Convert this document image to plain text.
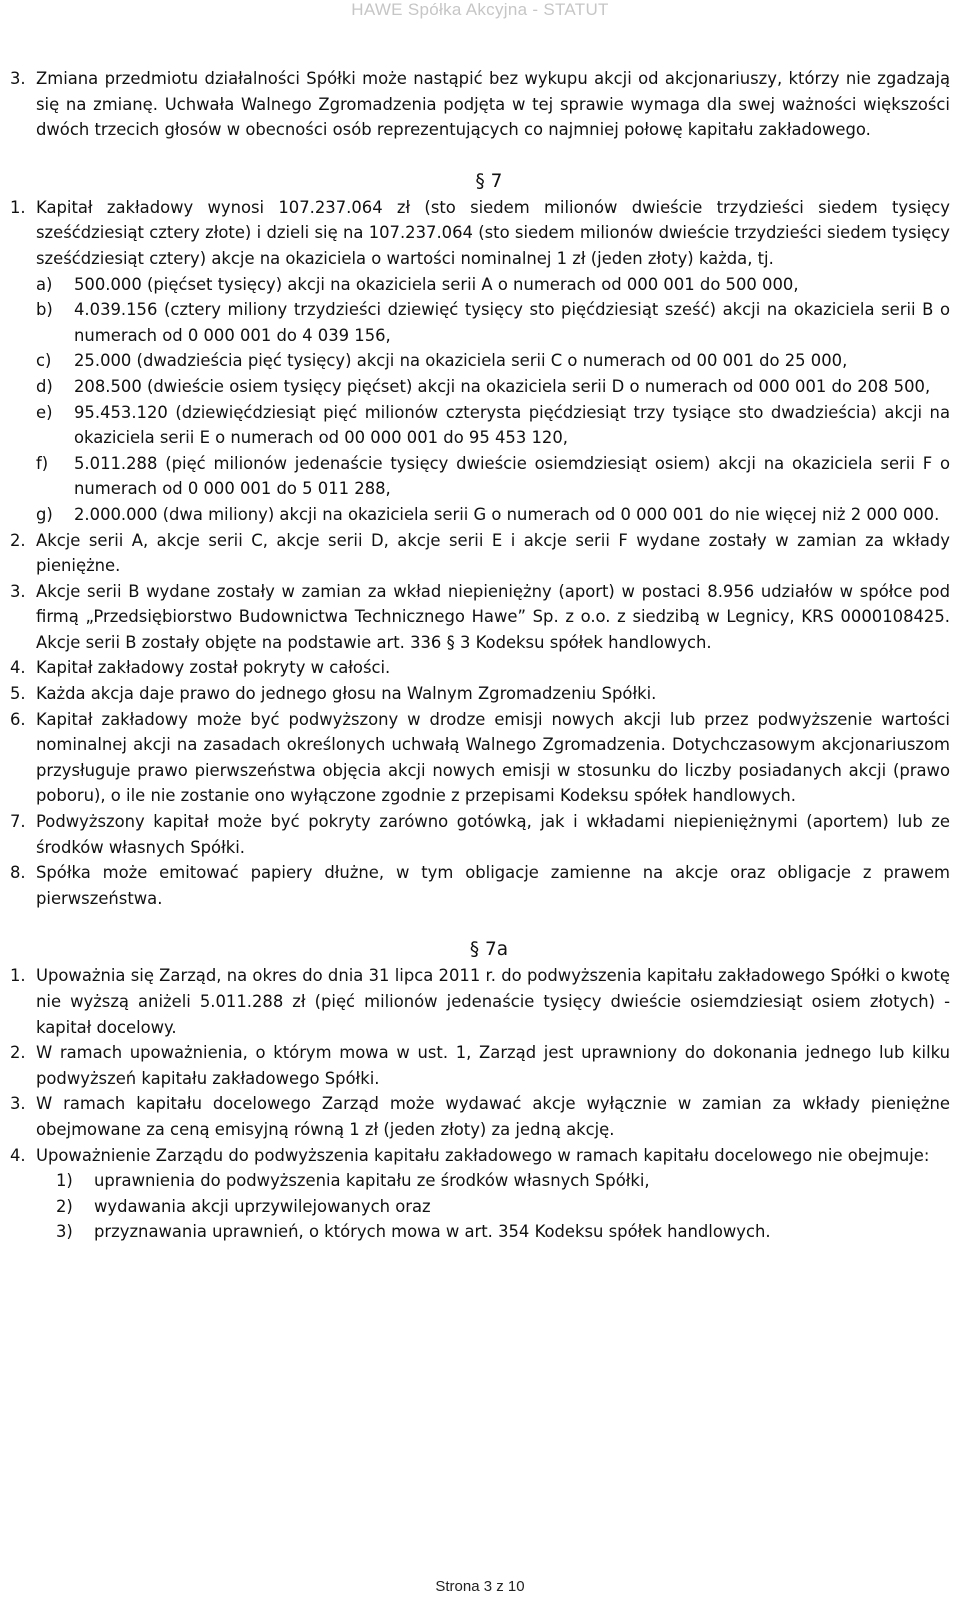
HAWE Spółka Akcyjna - STATUT
3. Zmiana przedmiotu działalności Spółki może nastąpić bez wykupu akcji od akcjonariuszy, którzy nie zgadzają się na zmianę. Uchwała Walnego Zgromadzenia podjęta w tej sprawie wymaga dla swej ważności większości dwóch trzecich głosów w obecności osób reprezentujących co najmniej połowę kapitału zakładowego.
§ 7
1. Kapitał zakładowy wynosi 107.237.064 zł (sto siedem milionów dwieście trzydzieści siedem tysięcy sześćdziesiąt cztery złote) i dzieli się na 107.237.064 (sto siedem milionów dwieście trzydzieści siedem tysięcy sześćdziesiąt cztery) akcje na okaziciela o wartości nominalnej 1 zł (jeden złoty) każda, tj.
a)	500.000 (pięćset tysięcy) akcji na okaziciela serii A o numerach od 000 001 do 500 000,
b)	4.039.156 (cztery miliony trzydzieści dziewięć tysięcy sto pięćdziesiąt sześć) akcji na okaziciela serii B o numerach od 0 000 001 do 4 039 156,
c)	25.000 (dwadzieścia pięć tysięcy) akcji na okaziciela serii C o numerach od 00 001 do 25 000,
d)	208.500 (dwieście osiem tysięcy pięćset) akcji na okaziciela serii D o numerach od 000 001 do 208 500,
e)	95.453.120 (dziewięćdziesiąt pięć milionów czterysta pięćdziesiąt trzy tysiące sto dwadzieścia) akcji na okaziciela serii E o numerach od 00 000 001 do 95 453 120,
f)	5.011.288 (pięć milionów jedenaście tysięcy dwieście osiemdziesiąt osiem) akcji na okaziciela serii F o numerach od 0 000 001 do 5 011 288,
g)	2.000.000 (dwa miliony) akcji na okaziciela serii G o numerach od 0 000 001 do nie więcej niż 2 000 000.
2. Akcje serii A, akcje serii C, akcje serii D, akcje serii E i akcje serii F wydane zostały w zamian za wkłady pieniężne.
3. Akcje serii B wydane zostały w zamian za wkład niepieniężny (aport) w postaci 8.956 udziałów w spółce pod firmą „Przedsiębiorstwo Budownictwa Technicznego Hawe” Sp. z o.o. z siedzibą w Legnicy, KRS 0000108425. Akcje serii B zostały objęte na podstawie art. 336 § 3 Kodeksu spółek handlowych.
4. Kapitał zakładowy został pokryty w całości.
5. Każda akcja daje prawo do jednego głosu na Walnym Zgromadzeniu Spółki.
6. Kapitał zakładowy może być podwyższony w drodze emisji nowych akcji lub przez podwyższenie wartości nominalnej akcji na zasadach określonych uchwałą Walnego Zgromadzenia. Dotychczasowym akcjonariuszom przysługuje prawo pierwszeństwa objęcia akcji nowych emisji w stosunku do liczby posiadanych akcji (prawo poboru), o ile nie zostanie ono wyłączone zgodnie z przepisami Kodeksu spółek handlowych.
7. Podwyższony kapitał może być pokryty zarówno gotówką, jak i wkładami niepieniężnymi (aportem) lub ze środków własnych Spółki.
8. Spółka może emitować papiery dłużne, w tym obligacje zamienne na akcje oraz obligacje z prawem pierwszeństwa.
§ 7a
1. Upoważnia się Zarząd, na okres do dnia 31 lipca 2011 r. do podwyższenia kapitału zakładowego Spółki o kwotę nie wyższą aniżeli 5.011.288 zł (pięć milionów jedenaście tysięcy dwieście osiemdziesiąt osiem złotych) - kapitał docelowy.
2. W ramach upoważnienia, o którym mowa w ust. 1, Zarząd jest uprawniony do dokonania jednego lub kilku podwyższeń kapitału zakładowego Spółki.
3. W ramach kapitału docelowego Zarząd może wydawać akcje wyłącznie w zamian za wkłady pieniężne obejmowane za ceną emisyjną równą 1 zł (jeden złoty) za jedną akcję.
4. Upoważnienie Zarządu do podwyższenia kapitału zakładowego w ramach kapitału docelowego nie obejmuje:
1)	uprawnienia do podwyższenia kapitału ze środków własnych Spółki,
2)	wydawania akcji uprzywilejowanych oraz
3)	przyznawania uprawnień, o których mowa w art. 354 Kodeksu spółek handlowych.
Strona 3 z 10
